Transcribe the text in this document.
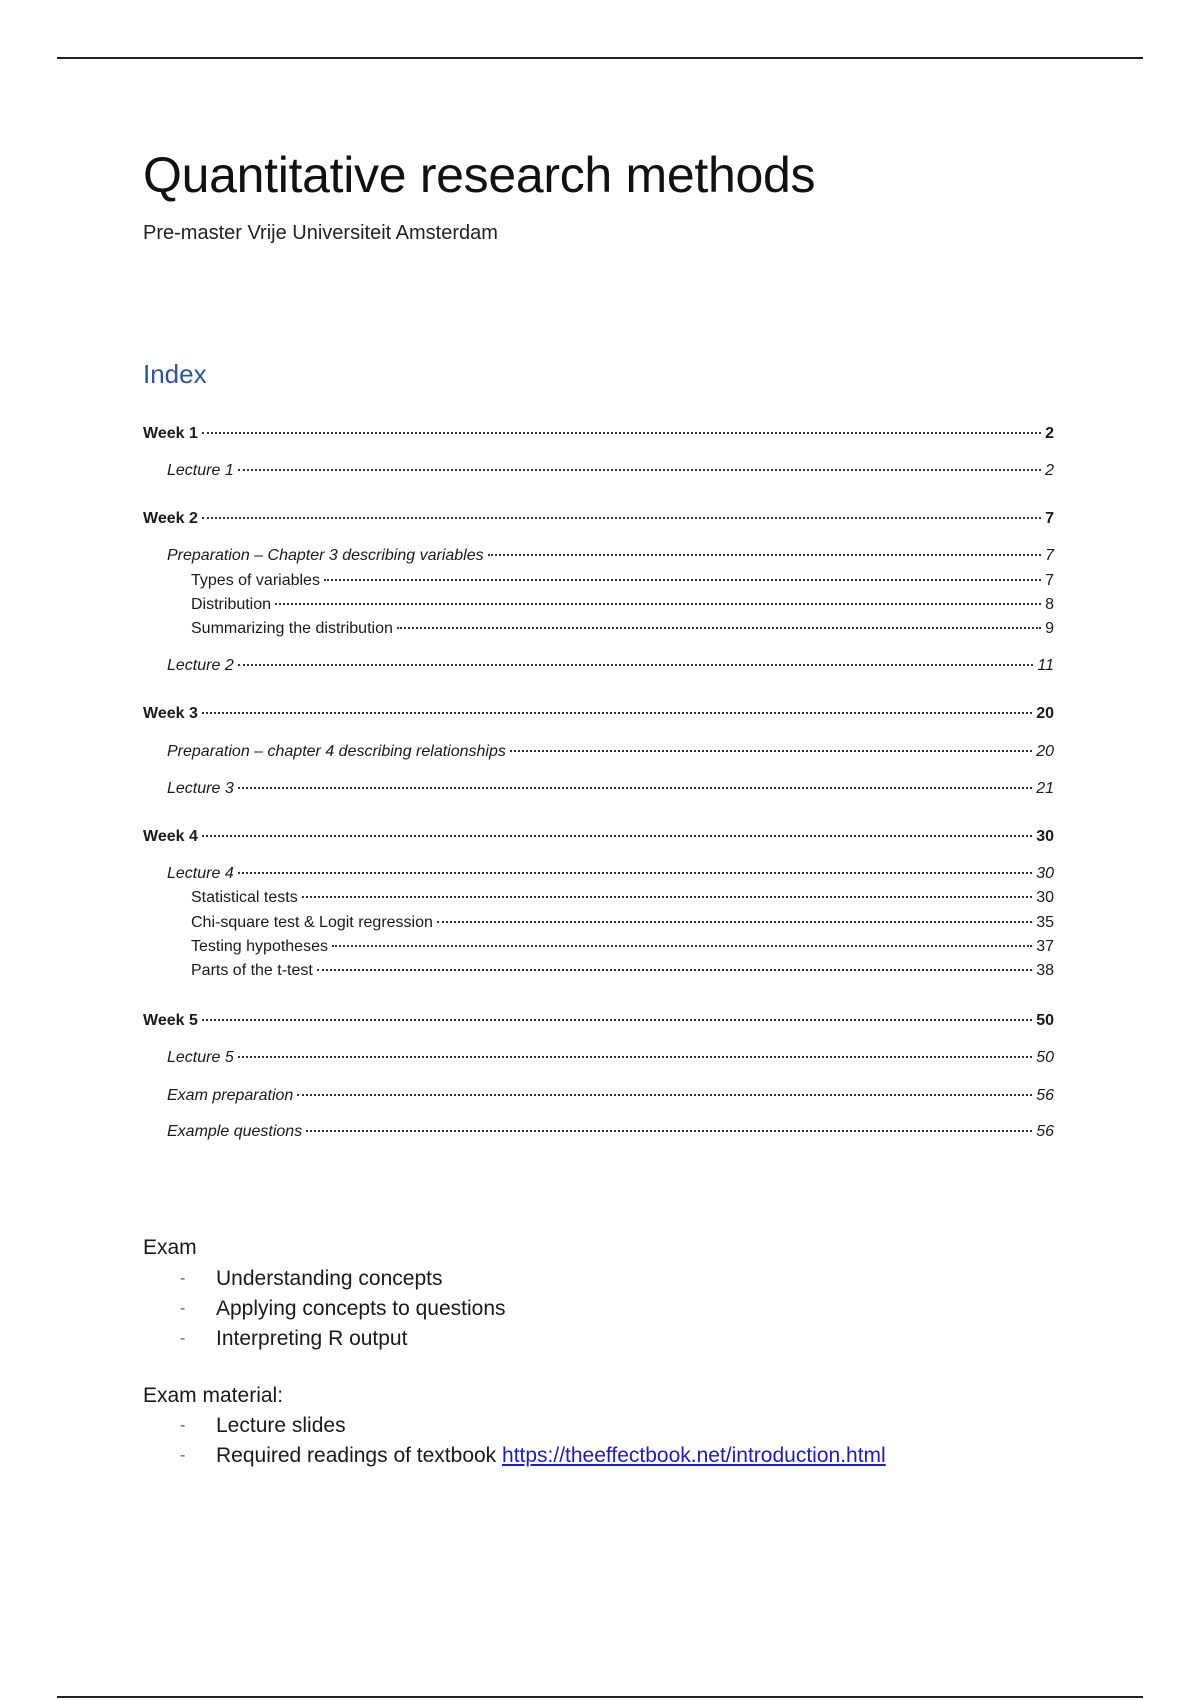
Quantitative research methods
Pre-master Vrije Universiteit Amsterdam
Index
Week 1	2
Lecture 1	2
Week 2	7
Preparation – Chapter 3 describing variables	7
Types of variables	7
Distribution	8
Summarizing the distribution	9
Lecture 2	11
Week 3	20
Preparation – chapter 4 describing relationships	20
Lecture 3	21
Week 4	30
Lecture 4	30
Statistical tests	30
Chi-square test & Logit regression	35
Testing hypotheses	37
Parts of the t-test	38
Week 5	50
Lecture 5	50
Exam preparation	56
Example questions	56
Exam
- Understanding concepts
- Applying concepts to questions
- Interpreting R output
Exam material:
- Lecture slides
- Required readings of textbook https://theeffectbook.net/introduction.html
